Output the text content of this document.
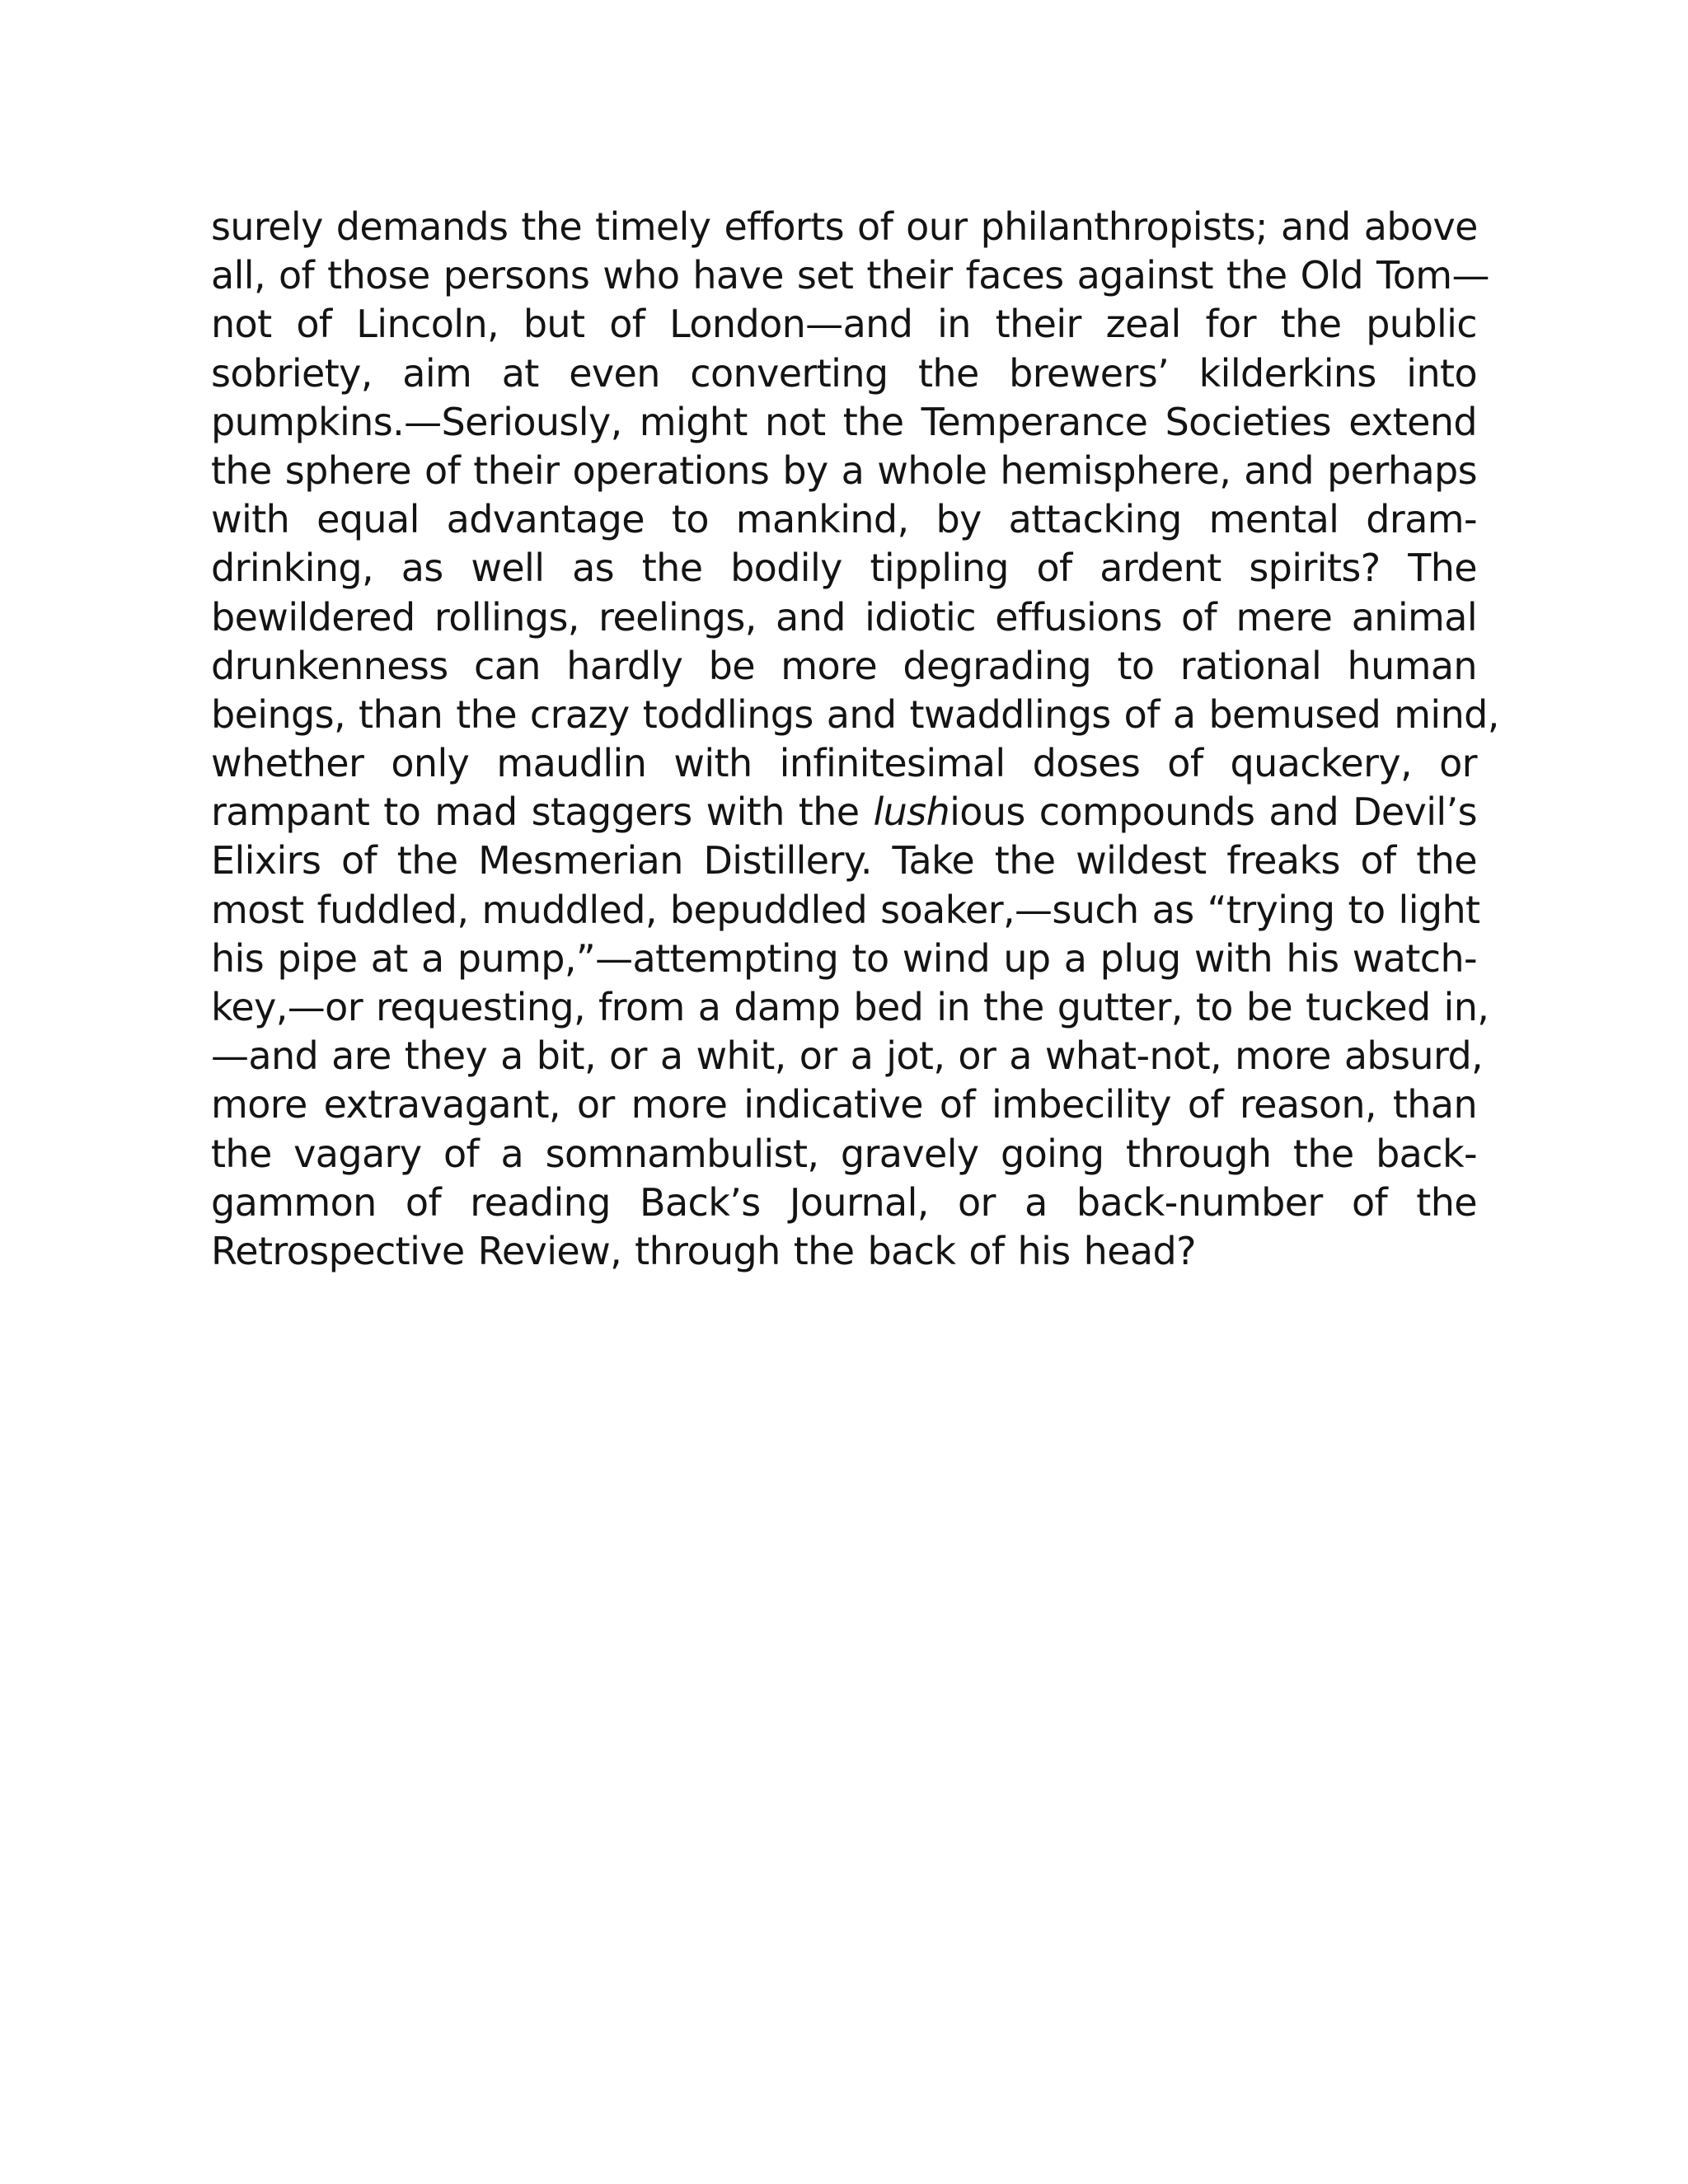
surely demands the timely efforts of our philanthropists; and above
all, of those persons who have set their faces against the Old Tom—
not of Lincoln, but of London—and in their zeal for the public
sobriety, aim at even converting the brewers’ kilderkins into
pumpkins.—Seriously, might not the Temperance Societies extend
the sphere of their operations by a whole hemisphere, and perhaps
with equal advantage to mankind, by attacking mental dram-
drinking, as well as the bodily tippling of ardent spirits? The
bewildered rollings, reelings, and idiotic effusions of mere animal
drunkenness can hardly be more degrading to rational human
beings, than the crazy toddlings and twaddlings of a bemused mind,
whether only maudlin with infinitesimal doses of quackery, or
rampant to mad staggers with the lushious compounds and Devil’s
Elixirs of the Mesmerian Distillery. Take the wildest freaks of the
most fuddled, muddled, bepuddled soaker,—such as “trying to light
his pipe at a pump,”—attempting to wind up a plug with his watch-
key,—or requesting, from a damp bed in the gutter, to be tucked in,
—and are they a bit, or a whit, or a jot, or a what-not, more absurd,
more extravagant, or more indicative of imbecility of reason, than
the vagary of a somnambulist, gravely going through the back-
gammon of reading Back’s Journal, or a back-number of the
Retrospective Review, through the back of his head?
